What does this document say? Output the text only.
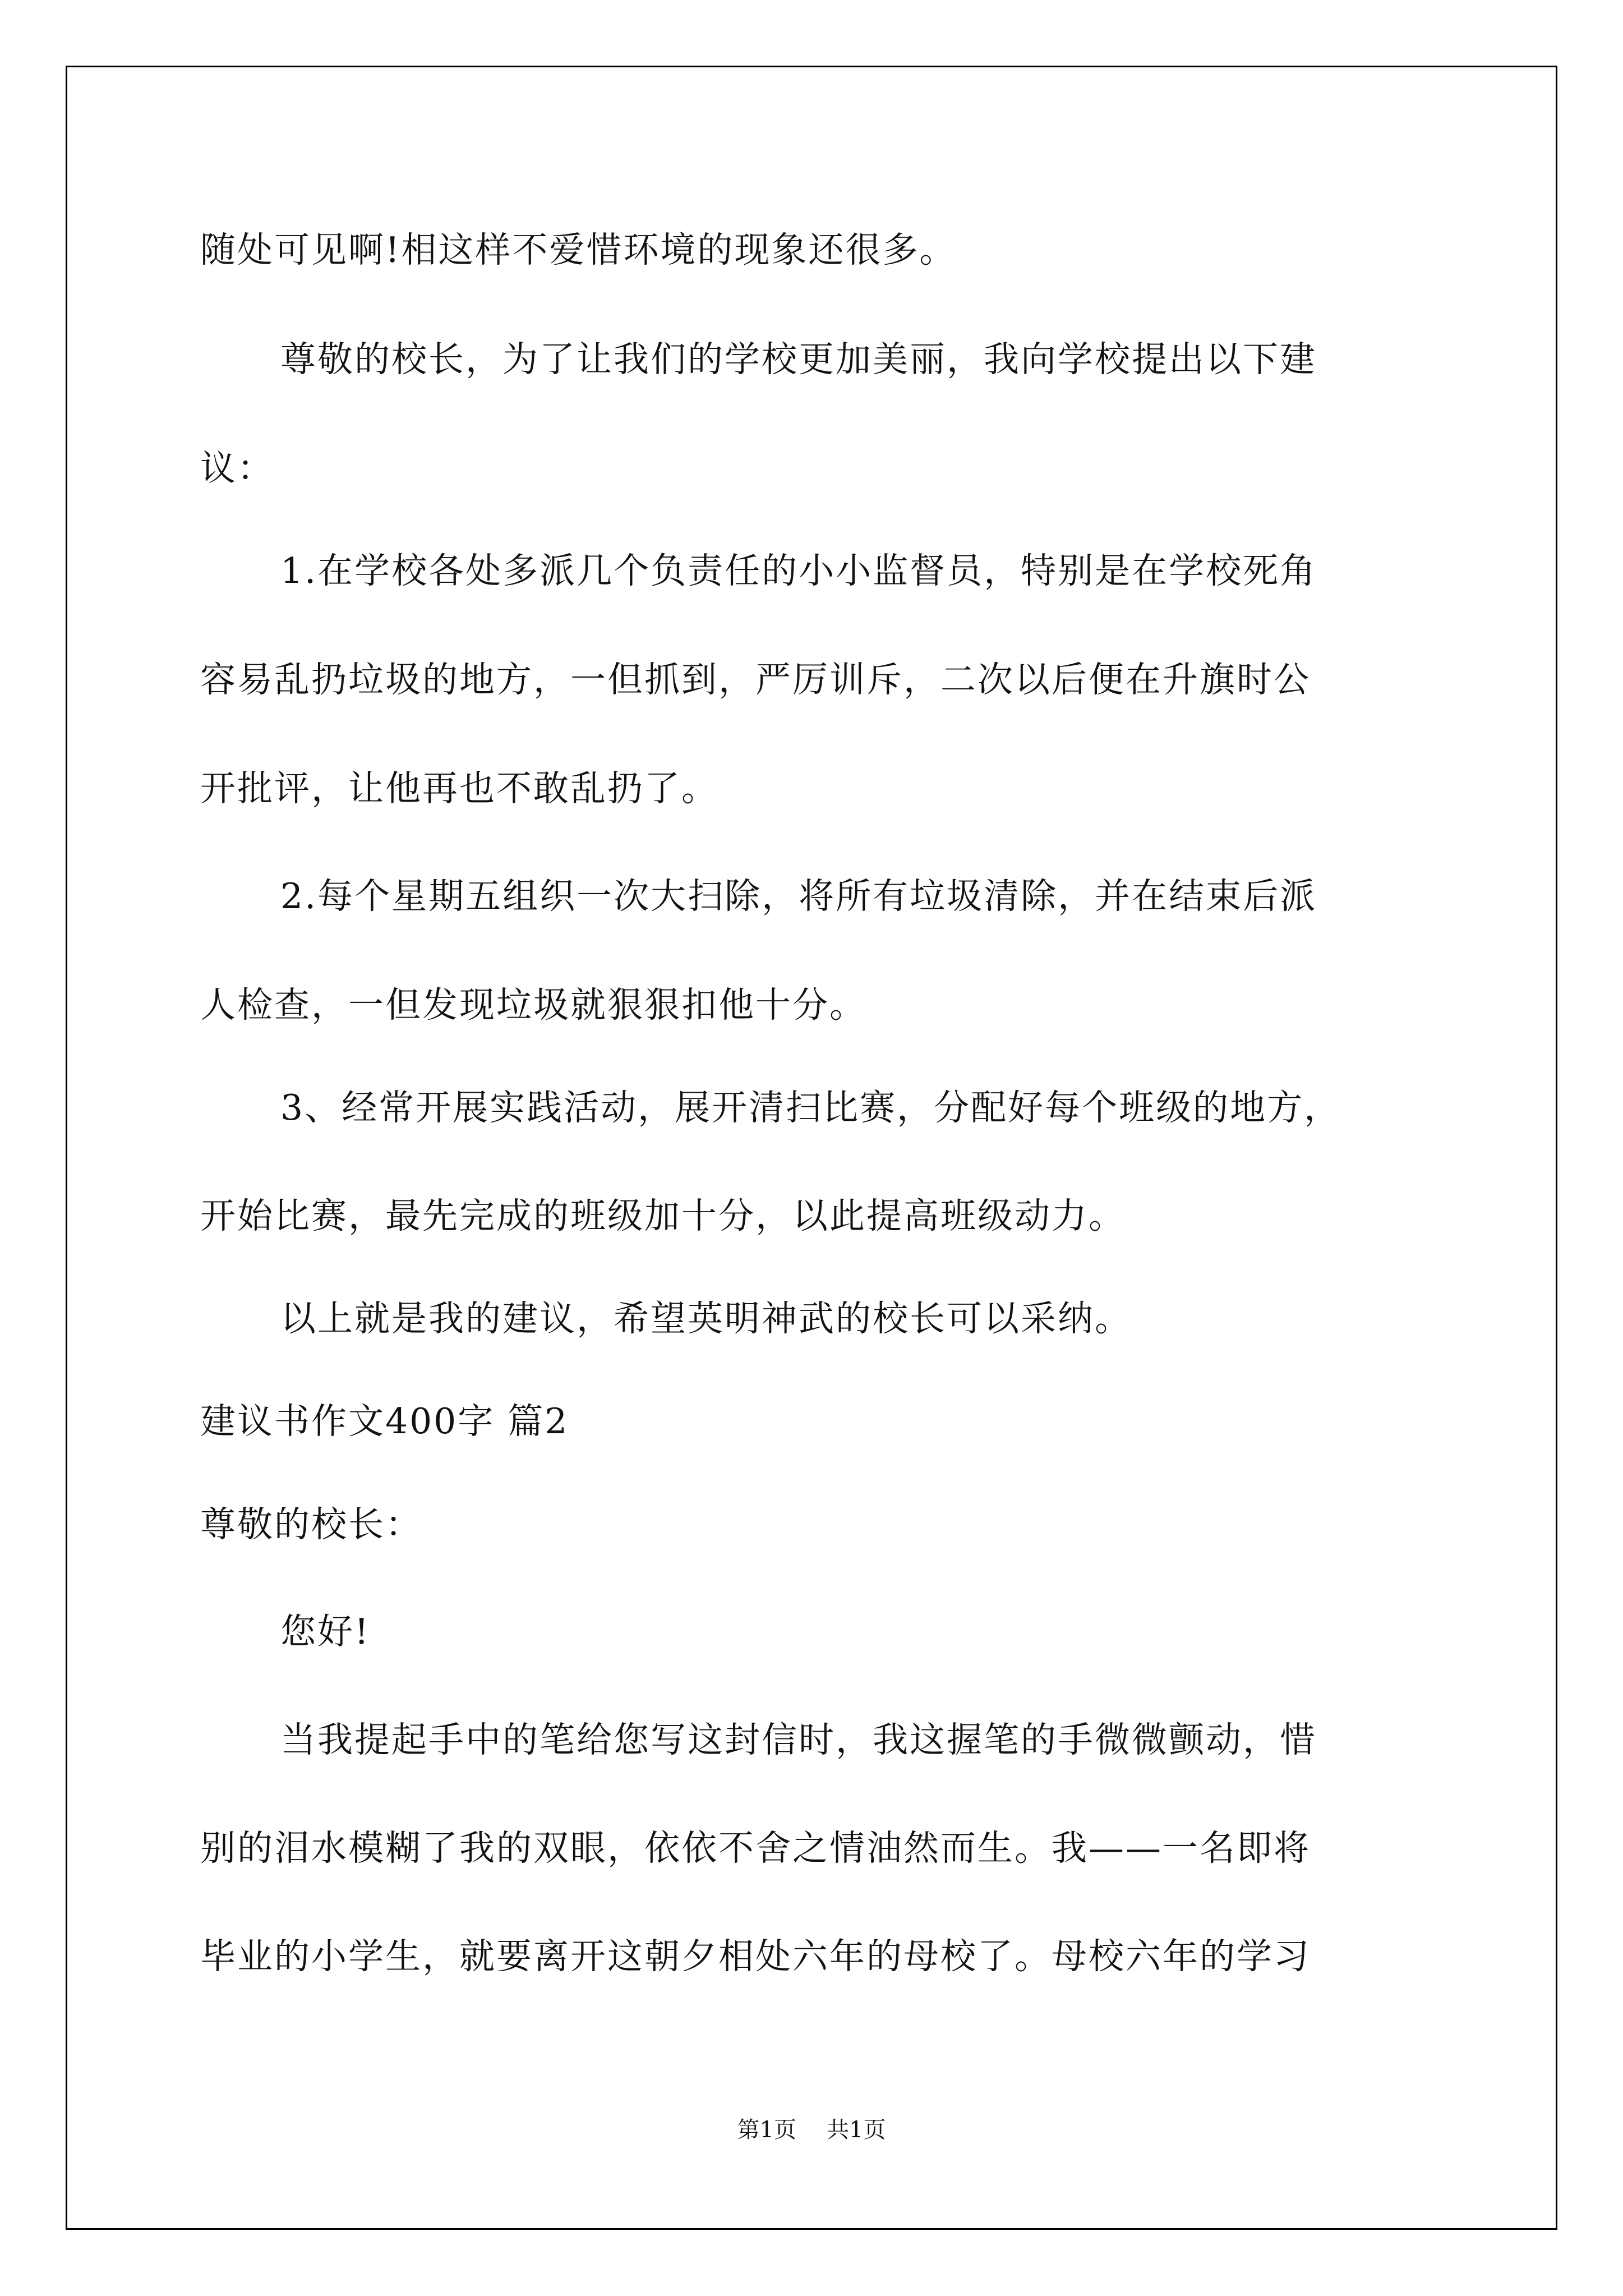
随处可见啊!相这样不爱惜环境的现象还很多。
尊敬的校长，为了让我们的学校更加美丽，我向学校提出以下建
议：
1.在学校各处多派几个负责任的小小监督员，特别是在学校死角
容易乱扔垃圾的地方，一但抓到，严厉训斥，二次以后便在升旗时公
开批评，让他再也不敢乱扔了。
2.每个星期五组织一次大扫除，将所有垃圾清除，并在结束后派
人检查，一但发现垃圾就狠狠扣他十分。
3、经常开展实践活动，展开清扫比赛，分配好每个班级的地方，
开始比赛，最先完成的班级加十分，以此提高班级动力。
以上就是我的建议，希望英明神武的校长可以采纳。
建议书作文400字 篇2
尊敬的校长：
您好!
当我提起手中的笔给您写这封信时，我这握笔的手微微颤动，惜
别的泪水模糊了我的双眼，依依不舍之情油然而生。我——一名即将
毕业的小学生，就要离开这朝夕相处六年的母校了。母校六年的学习
第1页 共1页
